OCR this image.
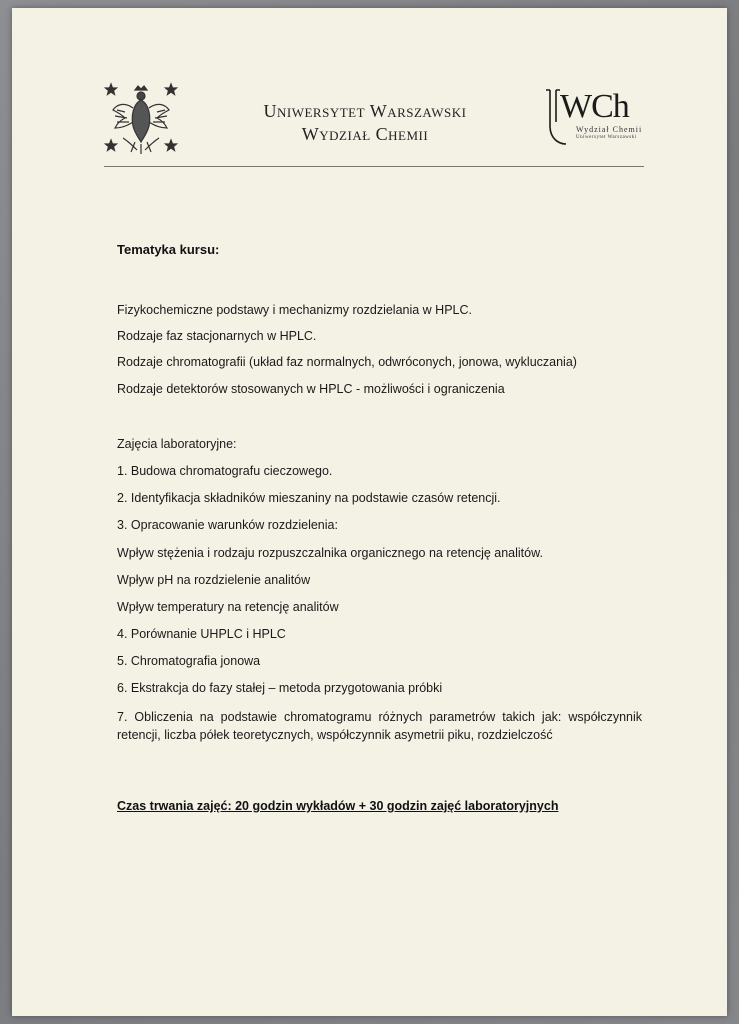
Uniwersytet Warszawski
Wydział Chemii
WCh
Wydział Chemii
Uniwersytet Warszawski
Tematyka kursu:
Fizykochemiczne podstawy i mechanizmy rozdzielania w HPLC.
Rodzaje faz stacjonarnych w HPLC.
Rodzaje chromatografii (układ faz normalnych, odwróconych, jonowa, wykluczania)
Rodzaje detektorów stosowanych w HPLC - możliwości i ograniczenia
Zajęcia laboratoryjne:
1. Budowa chromatografu cieczowego.
2. Identyfikacja składników mieszaniny na podstawie czasów retencji.
3. Opracowanie warunków rozdzielenia:
Wpływ stężenia i rodzaju rozpuszczalnika organicznego na retencję analitów.
Wpływ pH na rozdzielenie analitów
Wpływ temperatury na retencję analitów
4. Porównanie UHPLC i HPLC
5. Chromatografia jonowa
6. Ekstrakcja do fazy stałej – metoda przygotowania próbki
7. Obliczenia na podstawie chromatogramu różnych parametrów takich jak: współczynnik retencji, liczba półek teoretycznych, współczynnik asymetrii piku, rozdzielczość
Czas trwania zajęć: 20 godzin wykładów + 30 godzin zajęć laboratoryjnych
